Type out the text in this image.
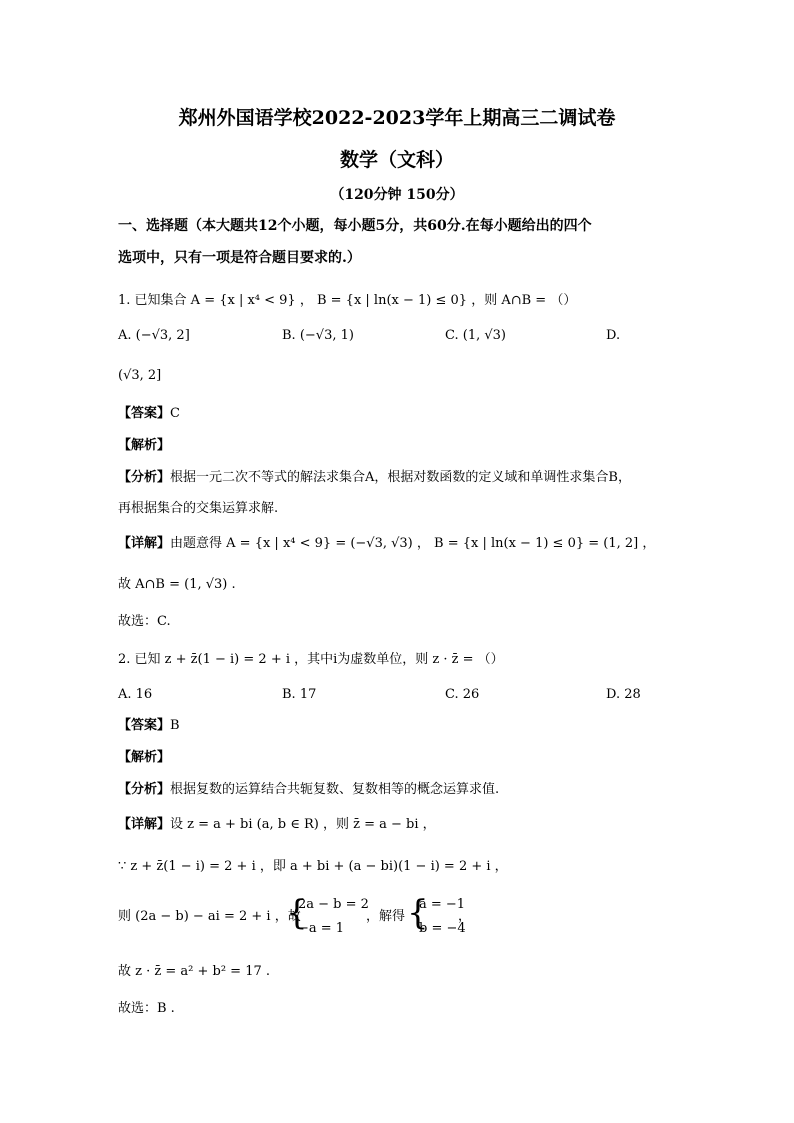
郑州外国语学校2022-2023学年上期高三二调试卷
数学（文科）
（120分钟 150分）
一、选择题（本大题共12个小题，每小题5分，共60分.在每小题给出的四个
选项中，只有一项是符合题目要求的.）
1. 已知集合 A = {x | x⁴ < 9} ， B = {x | ln(x − 1) ≤ 0} ，则 A∩B = （）
A. (−√3, 2]	B. (−√3, 1)	C. (1, √3)	D.
(√3, 2]
【答案】C
【解析】
【分析】根据一元二次不等式的解法求集合A，根据对数函数的定义域和单调性求集合B，
再根据集合的交集运算求解.
【详解】由题意得 A = {x | x⁴ < 9} = (−√3, √3) ， B = {x | ln(x − 1) ≤ 0} = (1, 2] ，
故 A∩B = (1, √3) .
故选：C.
2. 已知 z + z̄(1 − i) = 2 + i ，其中i为虚数单位，则 z · z̄ = （）
A. 16	B. 17	C. 26	D. 28
【答案】B
【解析】
【分析】根据复数的运算结合共轭复数、复数相等的概念运算求值.
【详解】设 z = a + bi (a, b ∈ R) ，则 z̄ = a − bi ，
∵ z + z̄(1 − i) = 2 + i ，即 a + bi + (a − bi)(1 − i) = 2 + i ，
则 (2a − b) − ai = 2 + i ，故
{
2a − b = 2
−a = 1
，解得 {
a = −1
b = −4
，
故 z · z̄ = a² + b² = 17 .
故选：B .
